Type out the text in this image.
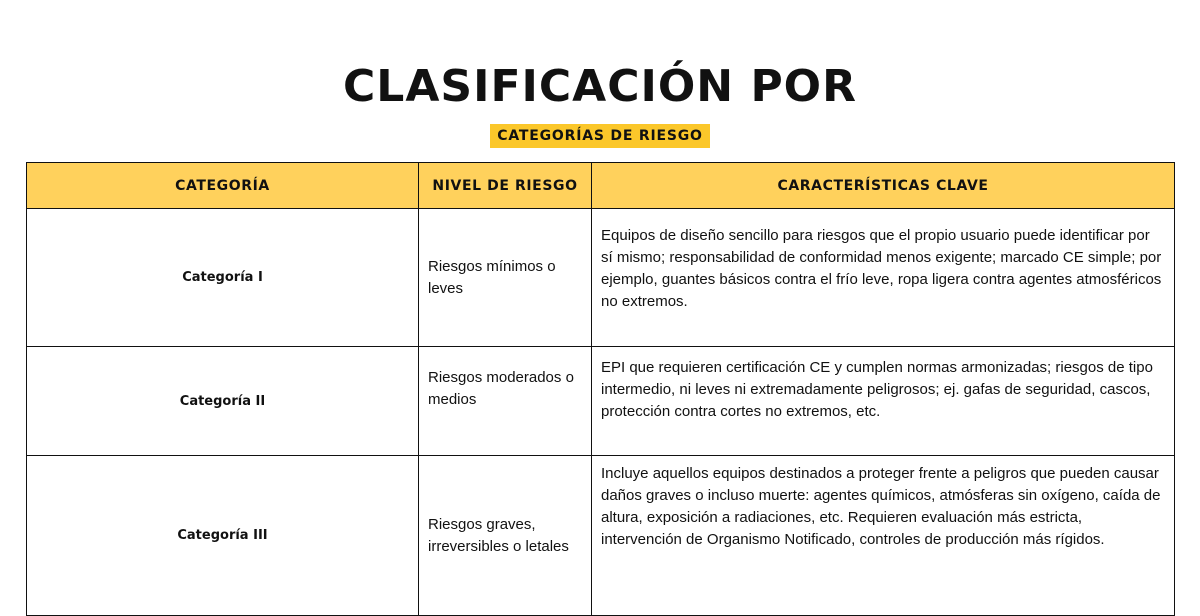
CLASIFICACIÓN POR
CATEGORÍAS DE RIESGO
CATEGORÍA	NIVEL DE RIESGO	CARACTERÍSTICAS CLAVE
Categoría I	Riesgos mínimos o leves	Equipos de diseño sencillo para riesgos que el propio usuario puede identificar por sí mismo; responsabilidad de conformidad menos exigente; marcado CE simple; por ejemplo, guantes básicos contra el frío leve, ropa ligera contra agentes atmosféricos no extremos.
Categoría II	Riesgos moderados o medios	EPI que requieren certificación CE y cumplen normas armonizadas; riesgos de tipo intermedio, ni leves ni extremadamente peligrosos; ej. gafas de seguridad, cascos, protección contra cortes no extremos, etc.
Categoría III	Riesgos graves, irreversibles o letales	Incluye aquellos equipos destinados a proteger frente a peligros que pueden causar daños graves o incluso muerte: agentes químicos, atmósferas sin oxígeno, caída de altura, exposición a radiaciones, etc. Requieren evaluación más estricta, intervención de Organismo Notificado, controles de producción más rígidos.
